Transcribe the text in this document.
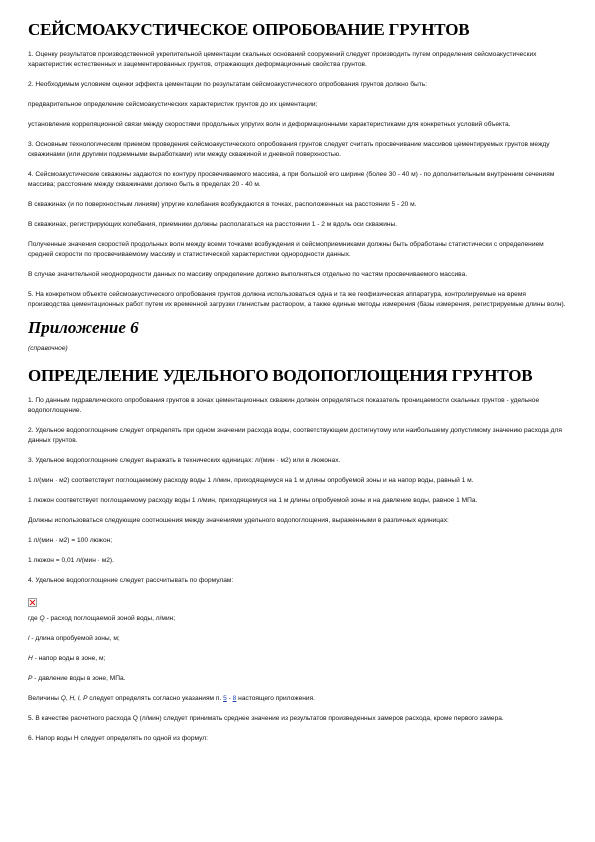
СЕЙСМОАКУСТИЧЕСКОЕ ОПРОБОВАНИЕ ГРУНТОВ

1. Оценку результатов производственной укрепительной цементации скальных оснований сооружений следует производить путем определения сейсмоакустических характеристик естественных и зацементированных грунтов, отражающих деформационные свойства грунтов.

2. Необходимым условием оценки эффекта цементации по результатам сейсмоакустического опробования грунтов должно быть:

предварительное определение сейсмоакустических характеристик грунтов до их цементации;

установление корреляционной связи между скоростями продольных упругих волн и деформационными характеристиками для конкретных условий объекта.

3. Основным технологическим приемом проведения сейсмоакустического опробования грунтов следует считать просвечивание массивов цементируемых грунтов между скважинами (или другими подземными выработками) или между скважиной и дневной поверхностью.

4. Сейсмоакустические скважины задаются по контуру просвечиваемого массива, а при большой его ширине (более 30 - 40 м) - по дополнительным внутренним сечениям массива; расстояние между скважинами должно быть в пределах 20 - 40 м.

В скважинах (и по поверхностным линиям) упругие колебания возбуждаются в точках, расположенных на расстоянии 5 - 20 м.

В скважинах, регистрирующих колебания, приемники должны располагаться на расстоянии 1 - 2 м вдоль оси скважины.

Полученные значения скоростей продольных волн между всеми точками возбуждения и сейсмоприемниками должны быть обработаны статистически с определением средней скорости по просвечиваемому массиву и статистической характеристики однородности данных.

В случае значительной неоднородности данных по массиву определение должно выполняться отдельно по частям просвечиваемого массива.

5. На конкретном объекте сейсмоакустического опробования грунтов должна использоваться одна и та же геофизическая аппаратура, контролируемые на время производства цементационных работ путем их временной загрузки глинистым раствором, а также единые методы измерения (базы измерения, регистрируемые длины волн).

Приложение 6

(справочное)

ОПРЕДЕЛЕНИЕ УДЕЛЬНОГО ВОДОПОГЛОЩЕНИЯ ГРУНТОВ

1. По данным гидравлического опробования грунтов в зонах цементационных скважин должен определяться показатель проницаемости скальных грунтов - удельное водопоглощение.

2. Удельное водопоглощение следует определять при одном значении расхода воды, соответствующем достигнутому или наибольшему допустимому значению расхода для данных грунтов.

3. Удельное водопоглощение следует выражать в технических единицах: л/(мин · м2) или в люжонах.

1 л/(мин · м2) соответствует поглощаемому расходу воды 1 л/мин, приходящемуся на 1 м длины опробуемой зоны и на напор воды, равный 1 м.

1 люжон соответствует поглощаемому расходу воды 1 л/мин, приходящемуся на 1 м длины опробуемой зоны и на давление воды, равное 1 МПа.

Должны использоваться следующие соотношения между значениями удельного водопоглощения, выраженными в различных единицах:

1 л/(мин · м2) = 100 люжон;

1 люжон = 0,01 л/(мин · м2).

4. Удельное водопоглощение следует рассчитывать по формулам:

где Q - расход поглощаемой зоной воды, л/мин;

l - длина опробуемой зоны, м;

H - напор воды в зоне, м;

P - давление воды в зоне, МПа.

Величины Q, H, l, P следует определять согласно указаниям п. 5 - 8 настоящего приложения.

5. В качестве расчетного расхода Q (л/мин) следует принимать среднее значение из результатов произведенных замеров расхода, кроме первого замера.

6. Напор воды H следует определять по одной из формул:
